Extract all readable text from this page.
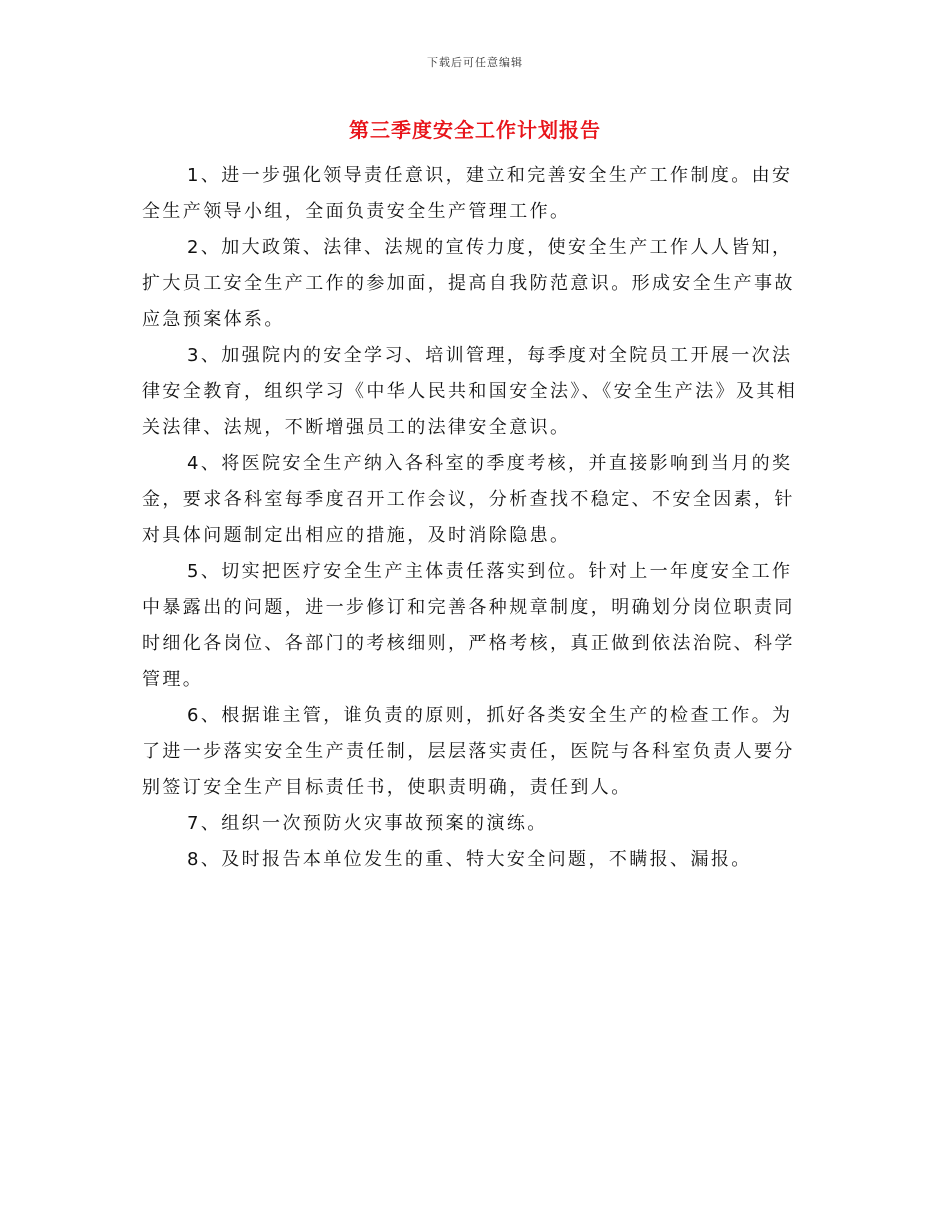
下载后可任意编辑
第三季度安全工作计划报告

1、进一步强化领导责任意识，建立和完善安全生产工作制度。由安全生产领导小组，全面负责安全生产管理工作。

2、加大政策、法律、法规的宣传力度，使安全生产工作人人皆知，扩大员工安全生产工作的参加面，提高自我防范意识。形成安全生产事故应急预案体系。

3、加强院内的安全学习、培训管理，每季度对全院员工开展一次法律安全教育，组织学习《中华人民共和国安全法》、《安全生产法》及其相关法律、法规，不断增强员工的法律安全意识。

4、将医院安全生产纳入各科室的季度考核，并直接影响到当月的奖金，要求各科室每季度召开工作会议，分析查找不稳定、不安全因素，针对具体问题制定出相应的措施，及时消除隐患。

5、切实把医疗安全生产主体责任落实到位。针对上一年度安全工作中暴露出的问题，进一步修订和完善各种规章制度，明确划分岗位职责同时细化各岗位、各部门的考核细则，严格考核，真正做到依法治院、科学管理。

6、根据谁主管，谁负责的原则，抓好各类安全生产的检查工作。为了进一步落实安全生产责任制，层层落实责任，医院与各科室负责人要分别签订安全生产目标责任书，使职责明确，责任到人。

7、组织一次预防火灾事故预案的演练。

8、及时报告本单位发生的重、特大安全问题，不瞒报、漏报。
